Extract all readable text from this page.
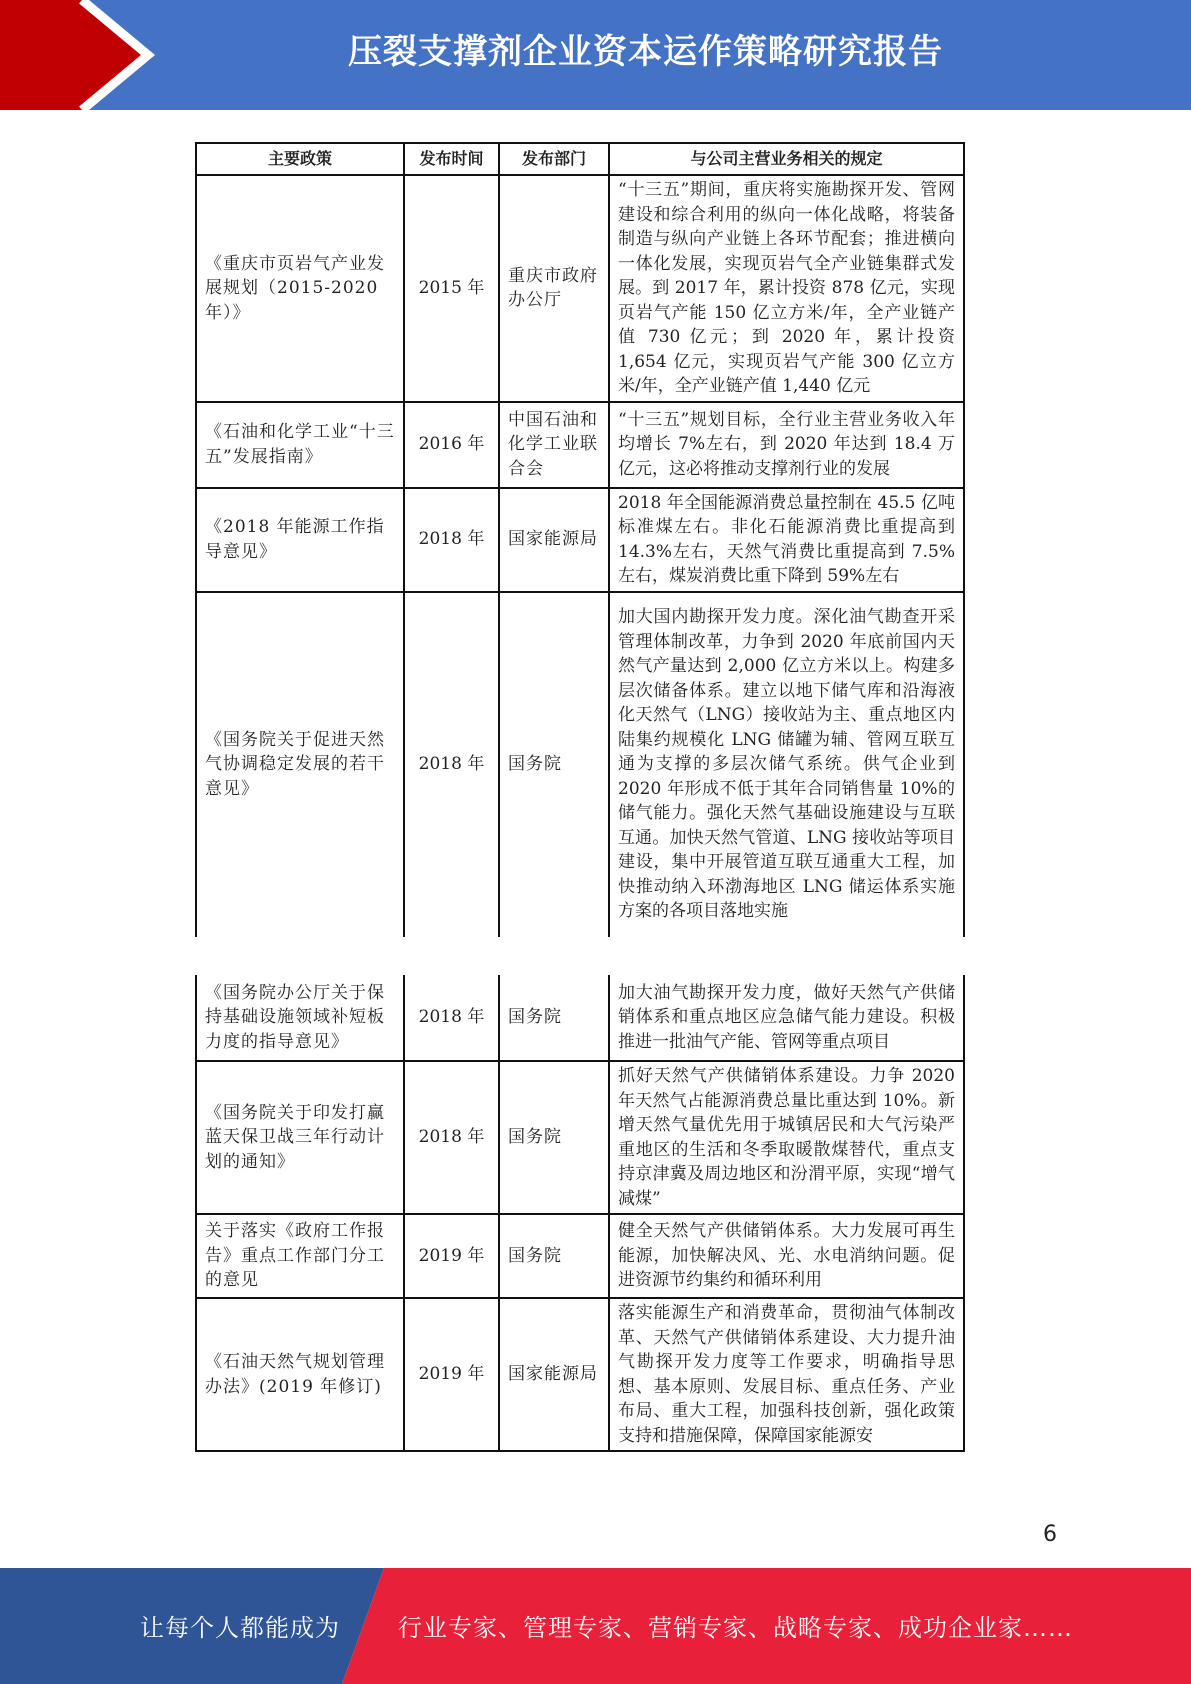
压裂支撑剂企业资本运作策略研究报告
主要政策	发布时间	发布部门	与公司主营业务相关的规定
《重庆市页岩气产业发展规划（2015-2020年）》	2015 年	重庆市政府办公厅	“十三五”期间，重庆将实施勘探开发、管网建设和综合利用的纵向一体化战略，将装备制造与纵向产业链上各环节配套；推进横向一体化发展，实现页岩气全产业链集群式发展。到 2017 年，累计投资 878 亿元，实现页岩气产能 150 亿立方米/年，全产业链产值 730 亿元；到 2020 年，累计投资 1,654 亿元，实现页岩气产能 300 亿立方米/年，全产业链产值 1,440 亿元
《石油和化学工业“十三五”发展指南》	2016 年	中国石油和化学工业联合会	“十三五”规划目标，全行业主营业务收入年均增长 7%左右，到 2020 年达到 18.4 万亿元，这必将推动支撑剂行业的发展
《2018 年能源工作指导意见》	2018 年	国家能源局	2018 年全国能源消费总量控制在 45.5 亿吨标准煤左右。非化石能源消费比重提高到 14.3%左右，天然气消费比重提高到 7.5%左右，煤炭消费比重下降到 59%左右
《国务院关于促进天然气协调稳定发展的若干意见》	2018 年	国务院	加大国内勘探开发力度。深化油气勘查开采管理体制改革，力争到 2020 年底前国内天然气产量达到 2,000 亿立方米以上。构建多层次储备体系。建立以地下储气库和沿海液化天然气（LNG）接收站为主、重点地区内陆集约规模化 LNG 储罐为辅、管网互联互通为支撑的多层次储气系统。供气企业到 2020 年形成不低于其年合同销售量 10%的储气能力。强化天然气基础设施建设与互联互通。加快天然气管道、LNG 接收站等项目建设，集中开展管道互联互通重大工程，加快推动纳入环渤海地区 LNG 储运体系实施方案的各项目落地实施
《国务院办公厅关于保持基础设施领域补短板力度的指导意见》	2018 年	国务院	加大油气勘探开发力度，做好天然气产供储销体系和重点地区应急储气能力建设。积极推进一批油气产能、管网等重点项目
《国务院关于印发打赢蓝天保卫战三年行动计划的通知》	2018 年	国务院	抓好天然气产供储销体系建设。力争 2020 年天然气占能源消费总量比重达到 10%。新增天然气量优先用于城镇居民和大气污染严重地区的生活和冬季取暖散煤替代，重点支持京津冀及周边地区和汾渭平原，实现“增气减煤”
关于落实《政府工作报告》重点工作部门分工的意见	2019 年	国务院	健全天然气产供储销体系。大力发展可再生能源，加快解决风、光、水电消纳问题。促进资源节约集约和循环利用
《石油天然气规划管理办法》(2019 年修订)	2019 年	国家能源局	落实能源生产和消费革命，贯彻油气体制改革、天然气产供储销体系建设、大力提升油气勘探开发力度等工作要求，明确指导思想、基本原则、发展目标、重点任务、产业布局、重大工程，加强科技创新，强化政策支持和措施保障，保障国家能源安
6
让每个人都能成为 行业专家、管理专家、营销专家、战略专家、成功企业家……
